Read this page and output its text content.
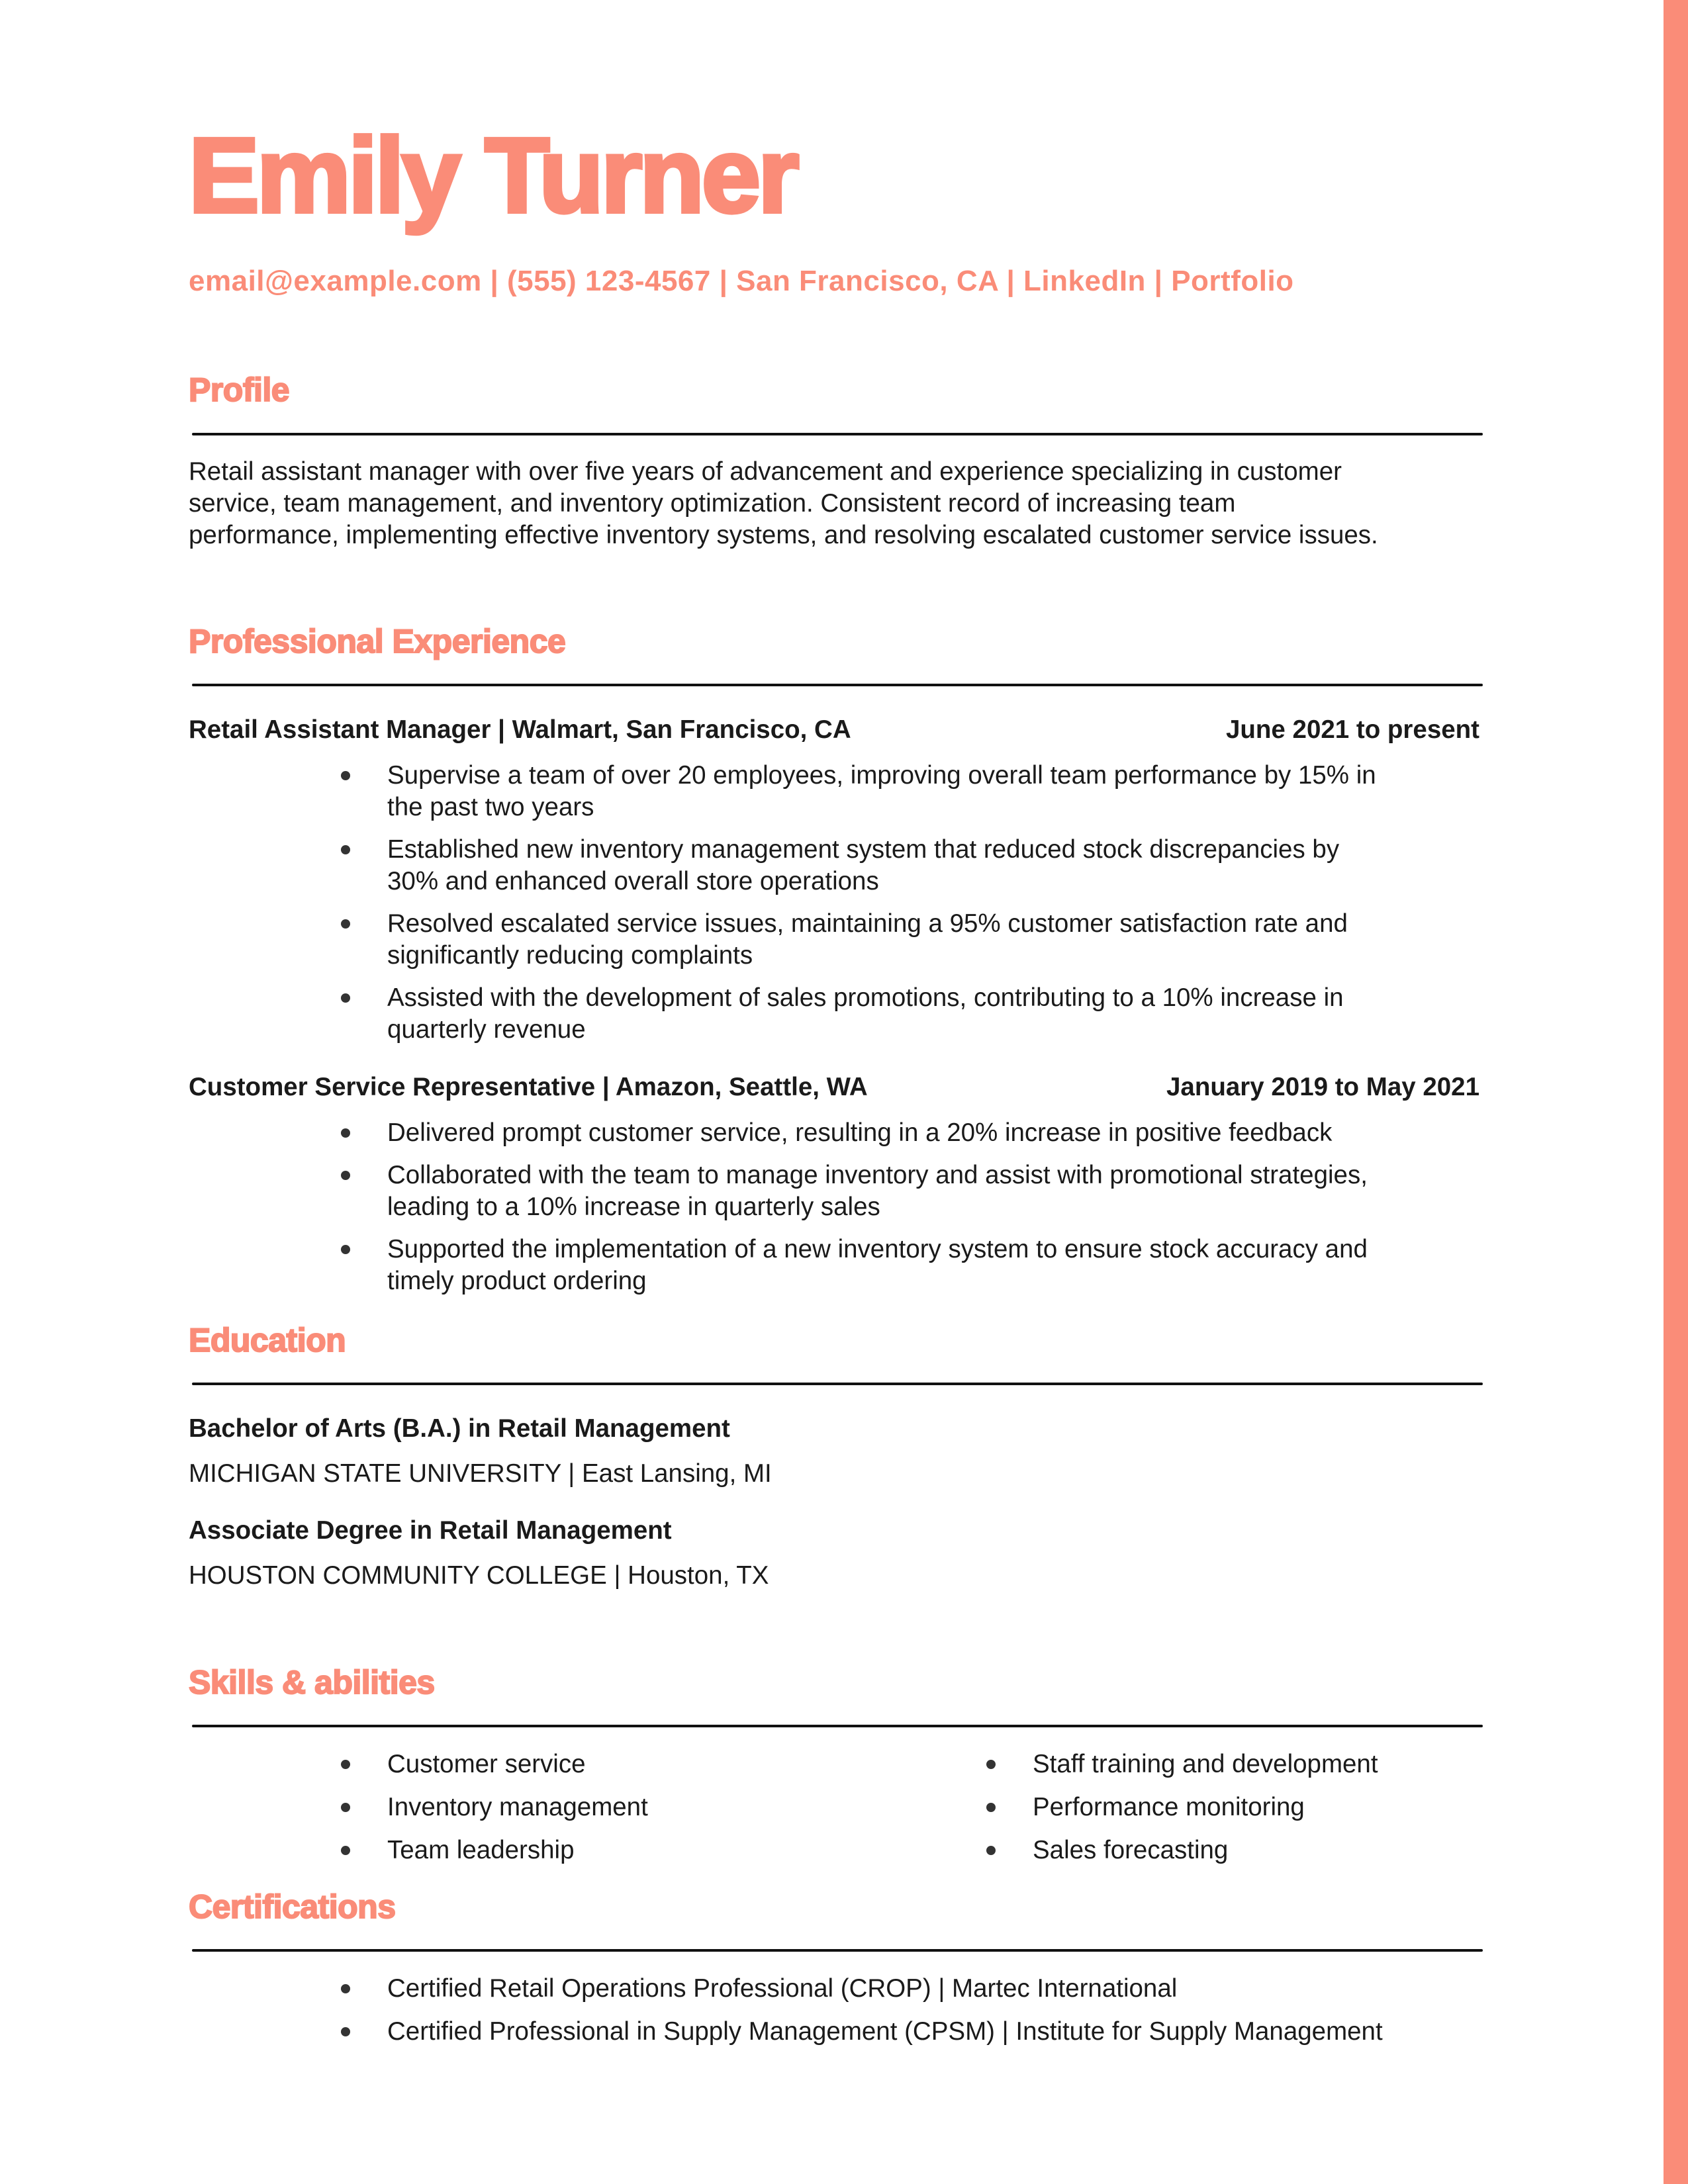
Emily Turner
email@example.com | (555) 123-4567 | San Francisco, CA | LinkedIn | Portfolio
Profile
Retail assistant manager with over five years of advancement and experience specializing in customer
service, team management, and inventory optimization. Consistent record of increasing team
performance, implementing effective inventory systems, and resolving escalated customer service issues.
Professional Experience
Retail Assistant Manager | Walmart, San Francisco, CA	June 2021 to present
Supervise a team of over 20 employees, improving overall team performance by 15% in
the past two years
Established new inventory management system that reduced stock discrepancies by
30% and enhanced overall store operations
Resolved escalated service issues, maintaining a 95% customer satisfaction rate and
significantly reducing complaints
Assisted with the development of sales promotions, contributing to a 10% increase in
quarterly revenue
Customer Service Representative | Amazon, Seattle, WA	January 2019 to May 2021
Delivered prompt customer service, resulting in a 20% increase in positive feedback
Collaborated with the team to manage inventory and assist with promotional strategies,
leading to a 10% increase in quarterly sales
Supported the implementation of a new inventory system to ensure stock accuracy and
timely product ordering
Education
Bachelor of Arts (B.A.) in Retail Management
MICHIGAN STATE UNIVERSITY | East Lansing, MI
Associate Degree in Retail Management
HOUSTON COMMUNITY COLLEGE | Houston, TX
Skills & abilities
Customer service
Inventory management
Team leadership
Staff training and development
Performance monitoring
Sales forecasting
Certifications
Certified Retail Operations Professional (CROP) | Martec International
Certified Professional in Supply Management (CPSM) | Institute for Supply Management
